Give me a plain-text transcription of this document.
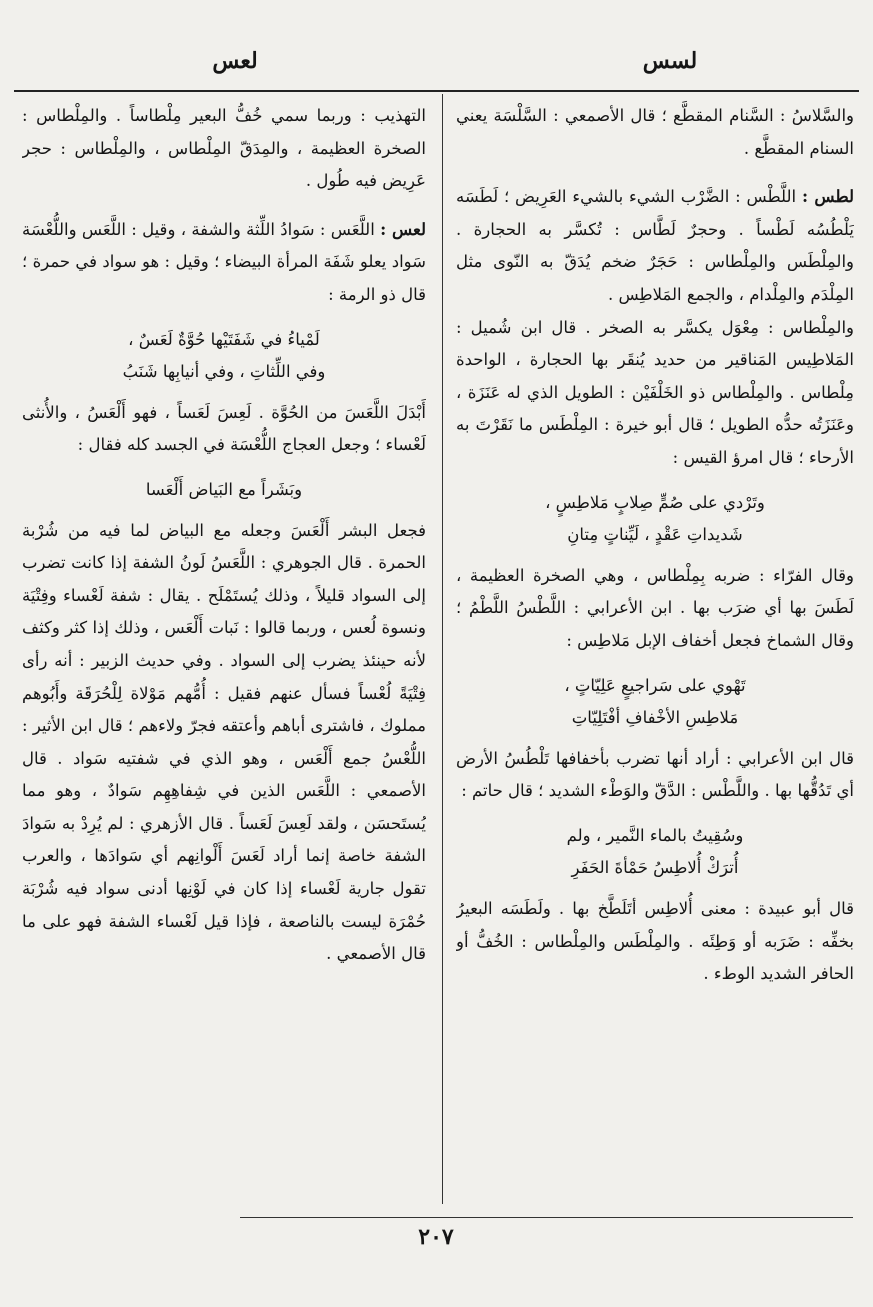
لسس
لعس

والسَّلاسُ : السَّنام المقطَّع ؛ قال الأصمعي : السَّلْسَة يعني السنام المقطَّع .

لطس : اللَّطْس : الضَّرْب الشيء بالشيء العَرِيض ؛ لَطَسَه يَلْطُسُه لَطْساً . وحجرٌ لَطَّاس : تُكسَّر به الحجارة . والمِلْطَس والمِلْطاس : حَجَرٌ ضخم يُدَقّ به النّوى مثل المِلْدَم والمِلْدام ، والجمع المَلاطِس .

والمِلْطاس : مِعْوَل يكسَّر به الصخر . قال ابن شُميل : المَلاطِيس المَناقير من حديد يُنقَر بها الحجارة ، الواحدة مِلْطاس . والمِلْطاس ذو الخَلْفَيْن : الطويل الذي له عَنَزَة ، وعَنَزَتُه حدُّه الطويل ؛ قال أبو خيرة : المِلْطَس ما نَقَرْتَ به الأرحاء ؛ قال امرؤ القيس :

وتَرْدي على صُمٍّ صِلابٍ مَلاطِسٍ ،

شَديداتِ عَقْدٍ ، لَيِّناتٍ مِتانِ

وقال الفرّاء : ضربه بِمِلْطاس ، وهي الصخرة العظيمة ، لَطَسَ بها أي ضرَب بها . ابن الأعرابي : اللَّطْسُ اللَّطْمُ ؛ وقال الشماخ فجعل أخفاف الإبل مَلاطِس :

تَهْوي على سَراجيعٍ عَلِيّاتٍ ،

مَلاطِسِ الأخْفافِ أفْتَلِيّاتِ

قال ابن الأعرابي : أراد أنها تضرب بأخفافها تَلْطُسُ الأرض أي تَدُقُّها بها . واللَّطْس : الدَّقّ والوَطْء الشديد ؛ قال حاتم :

وسُقِيتُ بالماء النَّمير ، ولم

أُترَكْ أُلاطِسُ حَمْأةَ الحَفَرِ

قال أبو عبيدة : معنى أُلاطِس أتَلَطَّخ بها . ولَطَسَه البعيرُ بخفِّه : ضَرَبه أو وَطِئَه . والمِلْطَس والمِلْطاس : الخُفُّ أو الحافر الشديد الوطء .

التهذيب : وربما سمي خُفُّ البعير مِلْطاساً . والمِلْطاس : الصخرة العظيمة ، والمِدَقّ المِلْطاس ، والمِلْطاس : حجر عَرِيض فيه طُول .

لعس : اللَّعَس : سَوادُ اللِّثة والشفة ، وقيل : اللَّعَس واللُّعْسَة سَواد يعلو شَفَة المرأة البيضاء ؛ وقيل : هو سواد في حمرة ؛ قال ذو الرمة :

لَمْياءُ في شَفَتَيْها حُوَّةٌ لَعَسٌ ،

وفي اللِّثاتِ ، وفي أنيابِها شَنَبُ

أَبْدَلَ اللَّعَسَ من الحُوَّة . لَعِسَ لَعَساً ، فهو أَلْعَسُ ، والأُنثى لَعْساء ؛ وجعل العجاج اللُّعْسَة في الجسد كله فقال :

وبَشَراً مع البَياض أَلْعَسا

فجعل البشر أَلْعَسَ وجعله مع البياض لما فيه من شُرْبة الحمرة . قال الجوهري : اللَّعَسُ لَونُ الشفة إذا كانت تضرب إلى السواد قليلاً ، وذلك يُستَمْلَح . يقال : شفة لَعْساء وفِتْيَة ونسوة لُعس ، وربما قالوا : نَبات أَلْعَس ، وذلك إذا كثر وكثف لأنه حينئذ يضرب إلى السواد . وفي حديث الزبير : أنه رأى فِتْيَةً لُعْساً فسأل عنهم فقيل : أُمُّهم مَوْلاة لِلْحُرَقَة وأَبُوهم مملوك ، فاشترى أباهم وأعتقه فجرّ ولاءهم ؛ قال ابن الأثير : اللُّعْسُ جمع أَلْعَس ، وهو الذي في شفتيه سَواد . قال الأصمعي : اللَّعَس الذين في شِفاهِهِم سَوادٌ ، وهو مما يُستَحسَن ، ولقد لَعِسَ لَعَساً . قال الأزهري : لم يُرِدْ به سَوادَ الشفة خاصة إنما أراد لَعَسَ أَلْوانِهم أي سَوادَها ، والعرب تقول جارية لَعْساء إذا كان في لَوْنِها أدنى سواد فيه شُرْبَة حُمْرَة ليست بالناصعة ، فإذا قيل لَعْساء الشفة فهو على ما قال الأصمعي .

٢٠٧
